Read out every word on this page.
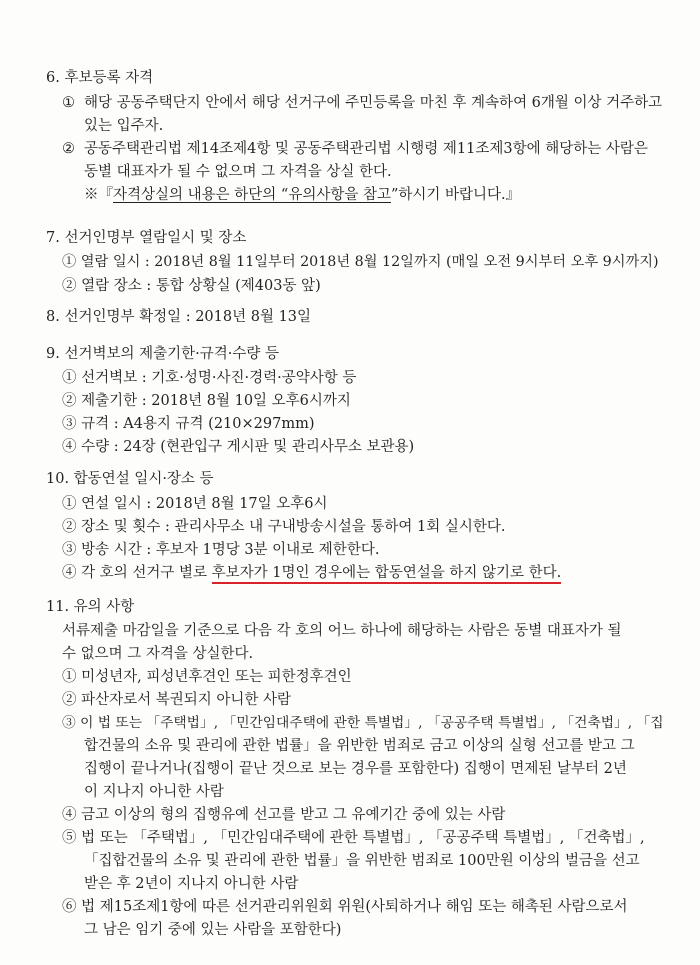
6. 후보등록 자격
① 해당 공동주택단지 안에서 해당 선거구에 주민등록을 마친 후 계속하여 6개월 이상 거주하고
있는 입주자.
② 공동주택관리법 제14조제4항 및 공동주택관리법 시행령 제11조제3항에 해당하는 사람은
동별 대표자가 될 수 없으며 그 자격을 상실 한다.
※『자격상실의 내용은 하단의 “유의사항을 참고”하시기 바랍니다.』
7. 선거인명부 열람일시 및 장소
① 열람 일시 : 2018년 8월 11일부터 2018년 8월 12일까지 (매일 오전 9시부터 오후 9시까지)
② 열람 장소 : 통합 상황실 (제403동 앞)
8. 선거인명부 확정일 : 2018년 8월 13일
9. 선거벽보의 제출기한·규격·수량 등
① 선거벽보 : 기호·성명·사진·경력·공약사항 등
② 제출기한 : 2018년 8월 10일 오후6시까지
③ 규격 : A4용지 규격 (210×297mm)
④ 수량 : 24장 (현관입구 게시판 및 관리사무소 보관용)
10. 합동연설 일시·장소 등
① 연설 일시 : 2018년 8월 17일 오후6시
② 장소 및 횟수 : 관리사무소 내 구내방송시설을 통하여 1회 실시한다.
③ 방송 시간 : 후보자 1명당 3분 이내로 제한한다.
④ 각 호의 선거구 별로 후보자가 1명인 경우에는 합동연설을 하지 않기로 한다.
11. 유의 사항
서류제출 마감일을 기준으로 다음 각 호의 어느 하나에 해당하는 사람은 동별 대표자가 될
수 없으며 그 자격을 상실한다.
① 미성년자, 피성년후견인 또는 피한정후견인
② 파산자로서 복권되지 아니한 사람
③ 이 법 또는 「주택법」, 「민간임대주택에 관한 특별법」, 「공공주택 특별법」, 「건축법」, 「집
합건물의 소유 및 관리에 관한 법률」을 위반한 범죄로 금고 이상의 실형 선고를 받고 그
집행이 끝나거나(집행이 끝난 것으로 보는 경우를 포함한다) 집행이 면제된 날부터 2년
이 지나지 아니한 사람
④ 금고 이상의 형의 집행유예 선고를 받고 그 유예기간 중에 있는 사람
⑤ 법 또는 「주택법」, 「민간임대주택에 관한 특별법」, 「공공주택 특별법」, 「건축법」,
「집합건물의 소유 및 관리에 관한 법률」을 위반한 범죄로 100만원 이상의 벌금을 선고
받은 후 2년이 지나지 아니한 사람
⑥ 법 제15조제1항에 따른 선거관리위원회 위원(사퇴하거나 해임 또는 해촉된 사람으로서
그 남은 임기 중에 있는 사람을 포함한다)
